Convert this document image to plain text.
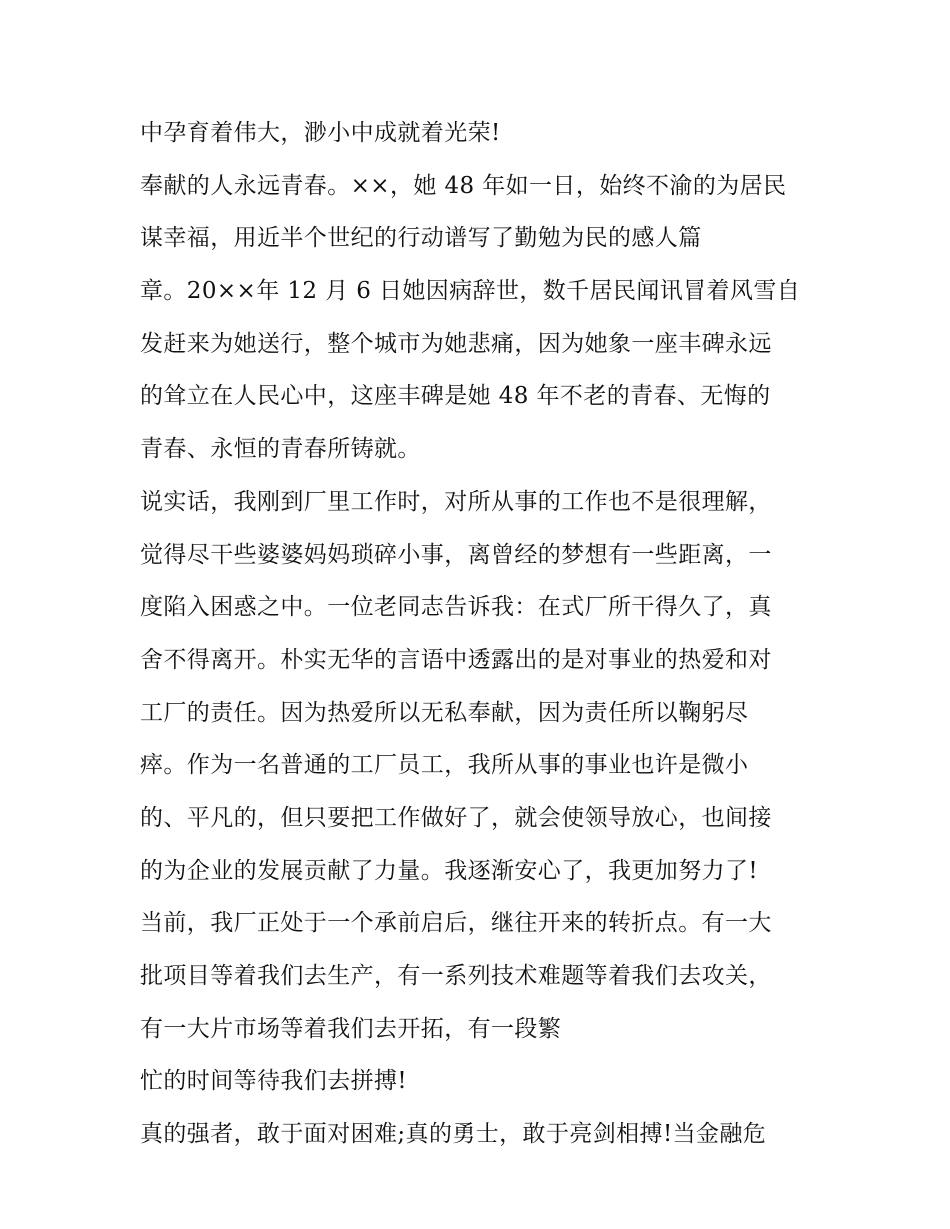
中孕育着伟大，渺小中成就着光荣!
奉献的人永远青春。××，她 48 年如一日，始终不渝的为居民
谋幸福，用近半个世纪的行动谱写了勤勉为民的感人篇
章。20××年 12 月 6 日她因病辞世，数千居民闻讯冒着风雪自
发赶来为她送行，整个城市为她悲痛，因为她象一座丰碑永远
的耸立在人民心中，这座丰碑是她 48 年不老的青春、无悔的
青春、永恒的青春所铸就。
说实话，我刚到厂里工作时，对所从事的工作也不是很理解，
觉得尽干些婆婆妈妈琐碎小事，离曾经的梦想有一些距离，一
度陷入困惑之中。一位老同志告诉我：在式厂所干得久了，真
舍不得离开。朴实无华的言语中透露出的是对事业的热爱和对
工厂的责任。因为热爱所以无私奉献，因为责任所以鞠躬尽
瘁。作为一名普通的工厂员工，我所从事的事业也许是微小
的、平凡的，但只要把工作做好了，就会使领导放心，也间接
的为企业的发展贡献了力量。我逐渐安心了，我更加努力了!
当前，我厂正处于一个承前启后，继往开来的转折点。有一大
批项目等着我们去生产，有一系列技术难题等着我们去攻关，
有一大片市场等着我们去开拓，有一段繁
忙的时间等待我们去拼搏!
真的强者，敢于面对困难;真的勇士，敢于亮剑相搏!当金融危
